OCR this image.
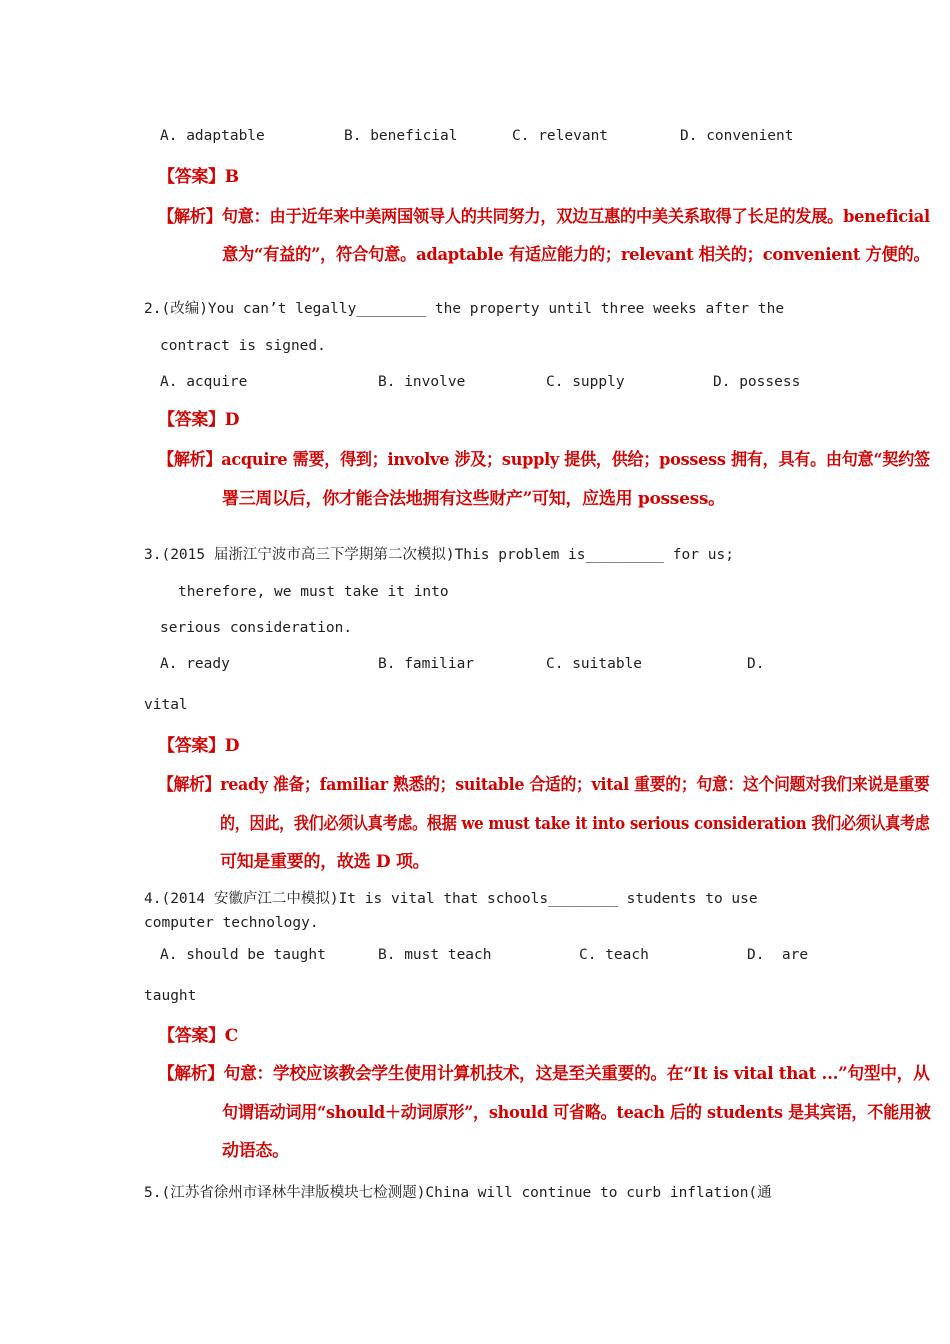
A. adaptable	B. beneficial	C. relevant	D. convenient
【答案】B
【解析】句意：由于近年来中美两国领导人的共同努力，双边互惠的中美关系取得了长足的发展。beneficial
意为“有益的”，符合句意。adaptable 有适应能力的；relevant 相关的；convenient 方便的。
2.(改编)You can’t legally________ the property until three weeks after the
contract is signed.
A. acquire	B. involve	C. supply	D. possess
【答案】D
【解析】acquire 需要，得到；involve 涉及；supply 提供，供给；possess 拥有，具有。由句意“契约签
署三周以后，你才能合法地拥有这些财产”可知，应选用 possess。
3.(2015 届浙江宁波市高三下学期第二次模拟)This problem is_________ for us;
therefore, we must take it into
serious consideration.
A. ready	B. familiar	C. suitable	D.
vital
【答案】D
【解析】ready 准备；familiar 熟悉的；suitable 合适的；vital 重要的；句意：这个问题对我们来说是重要
的，因此，我们必须认真考虑。根据 we must take it into serious consideration 我们必须认真考虑
可知是重要的，故选 D 项。
4.(2014 安徽庐江二中模拟)It is vital that schools________ students to use
computer technology.
A. should be taught	B. must teach	C. teach	D.  are
taught
【答案】C
【解析】句意：学校应该教会学生使用计算机技术，这是至关重要的。在“It is vital that ...”句型中，从
句谓语动词用“should＋动词原形”，should 可省略。teach 后的 students 是其宾语，不能用被
动语态。
5.(江苏省徐州市译林牛津版模块七检测题)China will continue to curb inflation(通
